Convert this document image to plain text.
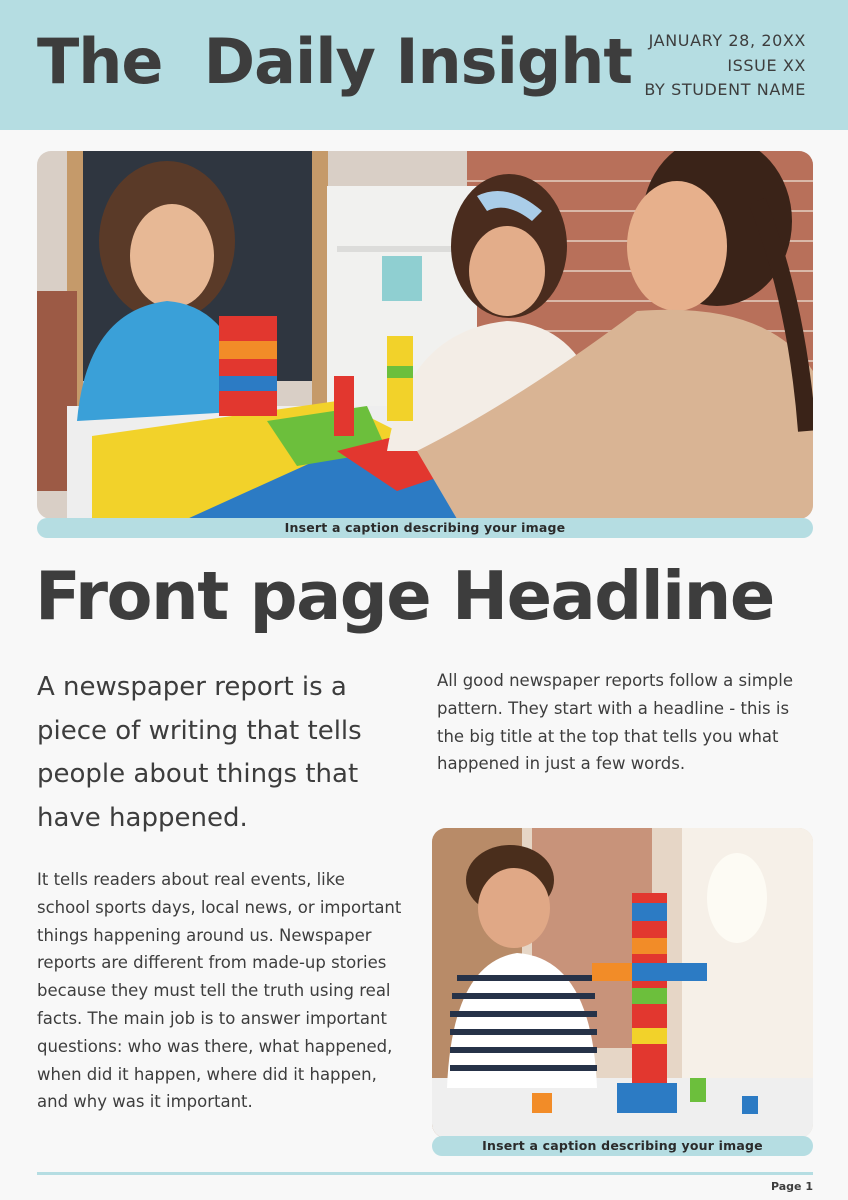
The  Daily Insight JANUARY 28, 20XX
ISSUE XX
BY STUDENT NAME
Insert a caption describing your image
Front page Headline
A newspaper report is a piece of writing that tells people about things that have happened.
It tells readers about real events, like school sports days, local news, or important things happening around us. Newspaper reports are different from made-up stories because they must tell the truth using real facts. The main job is to answer important questions: who was there, what happened, when did it happen, where did it happen, and why was it important.
All good newspaper reports follow a simple pattern. They start with a headline - this is the big title at the top that tells you what happened in just a few words.
Insert a caption describing your image
Page 1
